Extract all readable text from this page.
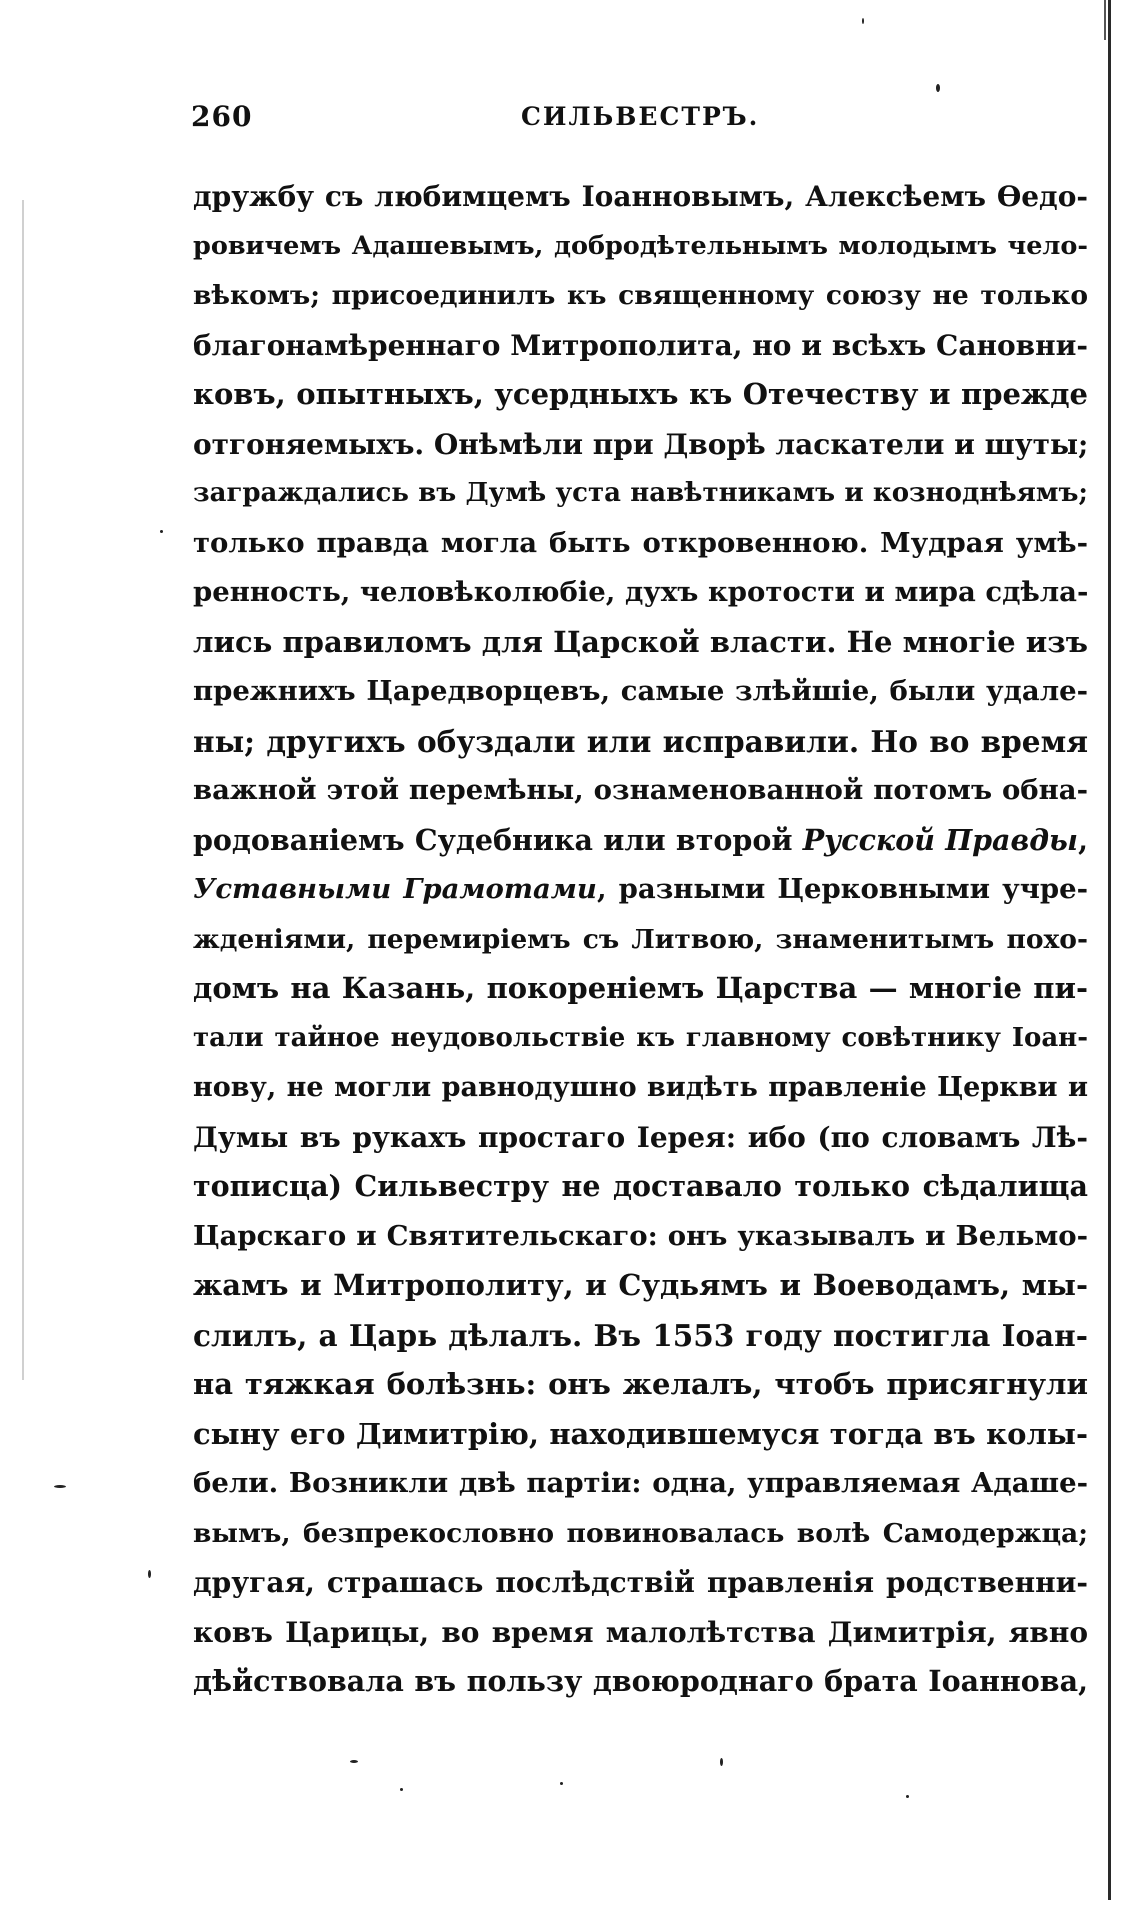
260	СИЛЬВЕСТРЪ.
дружбу съ любимцемъ Іоанновымъ, Алексѣемъ Өедо-
ровичемъ Адашевымъ, добродѣтельнымъ молодымъ чело-
вѣкомъ; присоединилъ къ священному союзу не только
благонамѣреннаго Митрополита, но и всѣхъ Сановни-
ковъ, опытныхъ, усердныхъ къ Отечеству и прежде
отгоняемыхъ. Онѣмѣли при Дворѣ ласкатели и шуты;
заграждались въ Думѣ уста навѣтникамъ и козноднѣямъ;
только правда могла быть откровенною. Мудрая умѣ-
ренность, человѣколюбіе, духъ кротости и мира сдѣла-
лись правиломъ для Царской власти. Не многіе изъ
прежнихъ Царедворцевъ, самые злѣйшіе, были удале-
ны; другихъ обуздали или исправили. Но во время
важной этой перемѣны, ознаменованной потомъ обна-
родованіемъ Судебника или второй Русской Правды,
Уставными Грамотами, разными Церковными учре-
жденіями, перемиріемъ съ Литвою, знаменитымъ похо-
домъ на Казань, покореніемъ Царства — многіе пи-
тали тайное неудовольствіе къ главному совѣтнику Іоан-
нову, не могли равнодушно видѣть правленіе Церкви и
Думы въ рукахъ простаго Іерея: ибо (по словамъ Лѣ-
тописца) Сильвестру не доставало только сѣдалища
Царскаго и Святительскаго: онъ указывалъ и Вельмо-
жамъ и Митрополиту, и Судьямъ и Воеводамъ, мы-
слилъ, а Царь дѣлалъ. Въ 1553 году постигла Іоан-
на тяжкая болѣзнь: онъ желалъ, чтобъ присягнули
сыну его Димитрію, находившемуся тогда въ колы-
бели. Возникли двѣ партіи: одна, управляемая Адаше-
вымъ, безпрекословно повиновалась волѣ Самодержца;
другая, страшась послѣдствій правленія родственни-
ковъ Царицы, во время малолѣтства Димитрія, явно
дѣйствовала въ пользу двоюроднаго брата Іоаннова,
